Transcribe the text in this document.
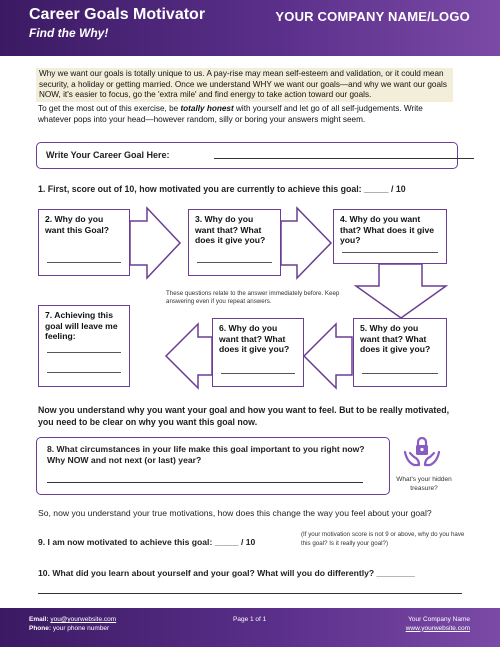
Career Goals Motivator
Find the Why!
YOUR COMPANY NAME/LOGO
Why we want our goals is totally unique to us. A pay-rise may mean self-esteem and validation, or it could mean security, a holiday or getting married. Once we understand WHY we want our goals—and why we want our goals NOW, it's easier to focus, go the 'extra mile' and find energy to take action toward our goals.
To get the most out of this exercise, be totally honest with yourself and let go of all self-judgements. Write whatever pops into your head—however random, silly or boring your answers might seem.
Write Your Career Goal Here:
1. First, score out of 10, how motivated you are currently to achieve this goal: _____ / 10
2. Why do you want this Goal?
3. Why do you want that? What does it give you?
4. Why do you want that? What does it give you?
5. Why do you want that? What does it give you?
6. Why do you want that? What does it give you?
7. Achieving this goal will leave me feeling:
These questions relate to the answer immediately before. Keep answering even if you repeat answers.
Now you understand why you want your goal and how you want to feel. But to be really motivated, you need to be clear on why you want this goal now.
8. What circumstances in your life make this goal important to you right now? Why NOW and not next (or last) year?
What's your hidden treasure?
So, now you understand your true motivations, how does this change the way you feel about your goal?
9. I am now motivated to achieve this goal: _____ / 10
(If your motivation score is not 9 or above, why do you have this goal? Is it really your goal?)
10. What did you learn about yourself and your goal? What will you do differently? ________
Email: you@yourwebsite.com
Phone: your phone number
Page 1 of 1	Your Company Name
www.yourwebsite.com
